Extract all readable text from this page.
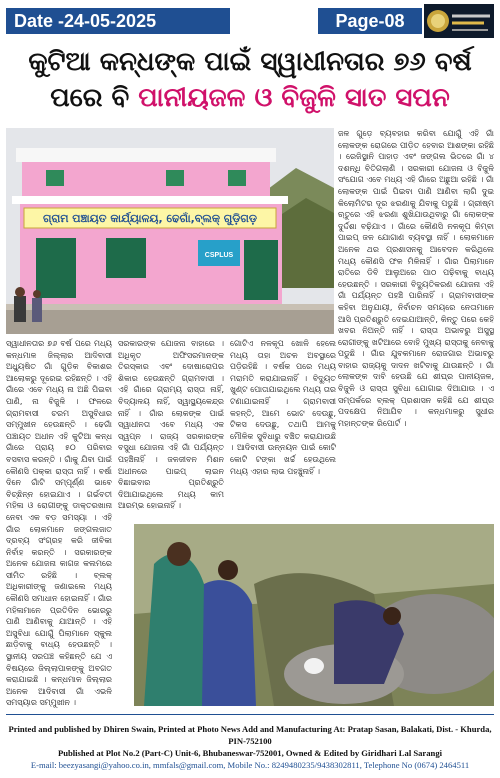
Date -24-05-2025	Page-08
କୁଟିଆ କନ୍ଧଙ୍କ ପାଇଁ ସ୍ୱାଧୀନତାର ୭୬ ବର୍ଷ
ପରେ ବି ପାନୀୟଜଳ ଓ ବିଜୁଳି ସାତ ସପନ
ଗ୍ରାମ ପଞ୍ଚାୟତ କାର୍ଯ୍ୟାଳୟ, ଢେଗାଁ,ବ୍ଲକ୍ ଗୁଡ଼ିଗଡ଼
CSPLUS
ଜଳ ଗୁଡ଼େ ବ୍ୟବହାର କରିବା ଯୋଗୁଁ ଏହି ଗାଁ ଲୋକଙ୍କ ରୋଗରେ ପୀଡ଼ିତ ହେବାର ଆଶଙ୍କା ରହିଛି । ରେଜିସ୍ଥାନି ପାହାଡ଼ ଏବଂ ଜଙ୍ଗଲ ଭିତରେ ଗାଁ ୪ ଦଶନ୍ଧି ବିତିଗଲାଣି । ସରକାରୀ ଯୋଜନା ଓ ବିଜୁଳି ସଂଯୋଗ ଏବେ ମଧ୍ୟ ଏହି ଗାଁରେ ଅଛୁଆ ରହିଛି । ଗାଁ ଲୋକଙ୍କ ପାଇଁ ପିଇବା ପାଣି ଆଣିବା ଲାଗି ଦୁଇ କିଲୋମିଟର ଦୂର ଝରଣାକୁ ଯିବାକୁ ପଡୁଛି । ଗ୍ରୀଷ୍ମ ଋତୁରେ ଏହି ଝରଣା ଶୁଖିଯାଉଥିବାରୁ ଗାଁ ଲୋକଙ୍କ ଦୁର୍ଦ୍ଦଶା ବଢ଼ିଯାଏ । ଗାଁରେ କୌଣସି ନଳକୂପ କିମ୍ବା ପାଇପ୍ ଜଳ ଯୋଗାଣ ବ୍ୟବସ୍ଥା ନାହିଁ । ଲୋକମାନେ ଅନେକ ଥର ପ୍ରଶାସନକୁ ଆବେଦନ କରିଥିଲେ ମଧ୍ୟ କୌଣସି ଫଳ ମିଳିନାହିଁ । ଗାଁର ପିଲାମାନେ ରାତିରେ ଡିବି ଆଲୁଅରେ ପାଠ ପଢ଼ିବାକୁ ବାଧ୍ୟ ହେଉଛନ୍ତି । ସରକାରୀ ବିଦ୍ୟୁତିକରଣ ଯୋଜନା ଏହି ଗାଁ ପର୍ଯ୍ୟନ୍ତ ପହଞ୍ଚି ପାରିନାହିଁ । ଗ୍ରାମବାସୀଙ୍କ କହିବା ଅନୁଯାୟୀ, ନିର୍ବାଚନ ସମୟରେ ନେତାମାନେ ଆସି ପ୍ରତିଶ୍ରୁତି ଦେଇଯାଆନ୍ତି, କିନ୍ତୁ ପରେ କେହି ଖବର ନିଅନ୍ତି ନାହିଁ । ରାସ୍ତା ଅଭାବରୁ ଅସୁସ୍ଥ ରୋଗୀଙ୍କୁ ଖଟିଆରେ ବୋହି ମୁଖ୍ୟ ରାସ୍ତାକୁ ନେବାକୁ ପଡୁଛି । ଗାଁର ଯୁବକମାନେ ରୋଜଗାର ଅଭାବରୁ ବାହାର ରାଜ୍ୟକୁ ଦାଦନ ଖଟିବାକୁ ଯାଉଛନ୍ତି । ଗାଁ ଲୋକଙ୍କ ଦାବି ହେଉଛି ଯେ ଶୀଘ୍ର ପାନୀୟଜଳ, ବିଜୁଳି ଓ ରାସ୍ତା ସୁବିଧା ଯୋଗାଇ ଦିଆଯାଉ । ଏ ସମ୍ପର୍କରେ ବ୍ଲକ୍ ପ୍ରଶାସନ କହିଛି ଯେ ଶୀଘ୍ର ପଦକ୍ଷେପ ନିଆଯିବ । କନ୍ଧମାଳରୁ ସୁଧୀର ମହାନ୍ତଙ୍କ ରିପୋର୍ଟ ।
ସ୍ୱାଧୀନତାର ୭୬ ବର୍ଷ ପରେ ମଧ୍ୟ କନ୍ଧମାଳ ଜିଲ୍ଲାର ଆଦିବାସୀ ଅଧ୍ୟୁଷିତ ଗାଁ ଗୁଡ଼ିକ ବିକାଶର ଆଲୋକରୁ ଦୂରେଇ ରହିଛନ୍ତି । ଏହି ଗାଁରେ ଏବେ ମଧ୍ୟ ନା ଅଛି ପିଇବା ପାଣି, ନା ବିଜୁଳି । ଫଳରେ ଗ୍ରାମବାସୀ ଚରମ ଅସୁବିଧାର ସମ୍ମୁଖୀନ ହେଉଛନ୍ତି । ଢେଗାଁ ପଞ୍ଚାୟତ ଅଧୀନ ଏହି କୁଟିଆ କନ୍ଧ ଗାଁରେ ପ୍ରାୟ ୫୦ ପରିବାର ବସବାସ କରନ୍ତି । ଗାଁକୁ ଯିବା ପାଇଁ କୌଣସି ପକ୍କା ରାସ୍ତା ନାହିଁ । ବର୍ଷା ଦିନେ ଗାଁଟି ସମ୍ପୂର୍ଣ୍ଣ ଭାବେ ବିଚ୍ଛିନ୍ନ ହୋଇଯାଏ । ଗର୍ଭବତୀ ମହିଳା ଓ ରୋଗୀଙ୍କୁ ଡାକ୍ତରଖାନା ନେବା ଏକ ବଡ଼ ସମସ୍ୟା । ଏହି ଗାଁର ଲୋକମାନେ ଜଙ୍ଗଲଜାତ ଦ୍ରବ୍ୟ ସଂଗ୍ରହ କରି ଜୀବିକା ନିର୍ବାହ କରନ୍ତି । ସରକାରଙ୍କ ଅନେକ ଯୋଜନା କାଗଜ କଲମରେ ସୀମିତ ରହିଛି । ବ୍ଲକ୍ ଅଧିକାରୀଙ୍କୁ ଜଣାଇଲେ ମଧ୍ୟ କୌଣସି ସମାଧାନ ହୋଇନାହିଁ । ଗାଁର ମହିଳାମାନେ ପ୍ରତିଦିନ ଭୋରରୁ ପାଣି ଆଣିବାକୁ ଯାଆନ୍ତି । ଏହି ଅସୁବିଧା ଯୋଗୁଁ ପିଲାମାନେ ସ୍କୁଲ ଛାଡ଼ିବାକୁ ବାଧ୍ୟ ହେଉଛନ୍ତି । ସ୍ଥାନୀୟ ସରପଞ୍ଚ କହିଛନ୍ତି ଯେ ଏ ବିଷୟରେ ଜିଲ୍ଲାପାଳଙ୍କୁ ଅବଗତ କରାଯାଇଛି । କନ୍ଧମାଳ ଜିଲ୍ଲାର ଅନେକ ଆଦିବାସୀ ଗାଁ ଏଭଳି ସମସ୍ୟାର ସମ୍ମୁଖୀନ ।
ସରକାରଙ୍କ ଯୋଜନା ବାହାରେ । ଅଧିକୃତ ଅଫିସରମାନଙ୍କ ତିରସ୍କାର ଏବଂ ଦୋଷାରୋପର ଶିକାର ହେଉଛନ୍ତି ଗ୍ରାମବାସୀ । ଏହି ଗାଁରେ ଗ୍ରାମ୍ୟ ରାସ୍ତା ନାହିଁ, ବିଦ୍ୟାଳୟ ନାହିଁ, ସ୍ୱାସ୍ଥ୍ୟକେନ୍ଦ୍ର ନାହିଁ । ଗାଁର ଲୋକଙ୍କ ପାଇଁ ସ୍ୱାଧୀନତା ଏବେ ମଧ୍ୟ ଏକ ସ୍ୱପ୍ନ । ରାଜ୍ୟ ସରକାରଙ୍କ ବସୁଧା ଯୋଜନା ଏହି ଗାଁ ପର୍ଯ୍ୟନ୍ତ ପହଞ୍ଚିନାହିଁ । ଜଳଜୀବନ ମିଶନ ଅଧୀନରେ ପାଇପ୍ ଲାଇନ ବିଛାଇବାର ପ୍ରତିଶ୍ରୁତି ଦିଆଯାଇଥିଲେ ମଧ୍ୟ କାମ ଆରମ୍ଭ ହୋଇନାହିଁ ।
ଗୋଟିଏ ନଳକୂପ ଖୋଳି ହେଲେ ମଧ୍ୟ ତାହା ଅଚଳ ଅବସ୍ଥାରେ ପଡ଼ିରହିଛି । ବର୍ଷକ ପରେ ମଧ୍ୟ ମରାମତି କରାଯାଇନାହିଁ । ବିଦ୍ୟୁତ ଖୁଣ୍ଟ ପୋତାଯାଇଥିଲେ ମଧ୍ୟ ତାର ଟଣାଯାଇନାହିଁ । ଗ୍ରାମବାସୀ କହନ୍ତି, ଆମେ ଭୋଟ ଦେଉଛୁ, ଟିକସ ଦେଉଛୁ, ତଥାପି ଆମକୁ ମୌଳିକ ସୁବିଧାରୁ ବଞ୍ଚିତ କରାଯାଉଛି । ଆଦିବାସୀ ଉନ୍ନୟନ ପାଇଁ କୋଟି କୋଟି ଟଙ୍କା ଖର୍ଚ୍ଚ ହେଉଥିଲେ ମଧ୍ୟ ଏହାର ଲାଭ ପହଞ୍ଚୁନାହିଁ ।
Printed and published by Dhiren Swain, Printed at Photo News Add and Manufacturing At: Pratap Sasan, Balakati, Dist. - Khurda, PIN-752100
Published at Plot No.2 (Part-C) Unit-6, Bhubaneswar-752001, Owned & Edited by Giridhari Lal Sarangi
E-mail: beezyasangi@yahoo.co.in, mmfals@gmail.com, Mobile No.: 8249480235/9438302811, Telephone No (0674) 2464511
